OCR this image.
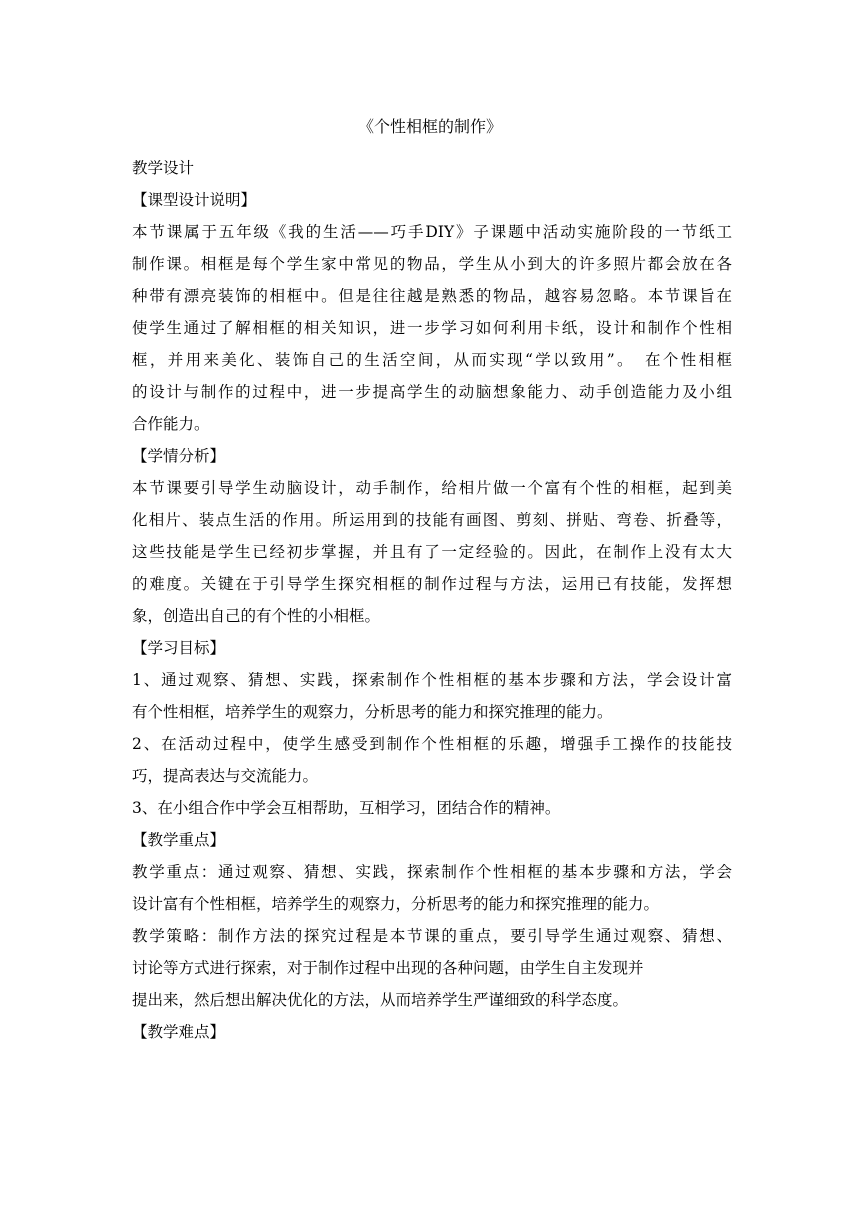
《个性相框的制作》
教学设计
【课型设计说明】
本节课属于五年级《我的生活——巧手DIY》子课题中活动实施阶段的一节纸工
制作课。相框是每个学生家中常见的物品，学生从小到大的许多照片都会放在各
种带有漂亮装饰的相框中。但是往往越是熟悉的物品，越容易忽略。本节课旨在
使学生通过了解相框的相关知识，进一步学习如何利用卡纸，设计和制作个性相
框，并用来美化、装饰自己的生活空间，从而实现“学以致用”。　在个性相框
的设计与制作的过程中，进一步提高学生的动脑想象能力、动手创造能力及小组
合作能力。
【学情分析】
本节课要引导学生动脑设计，动手制作，给相片做一个富有个性的相框，起到美
化相片、装点生活的作用。所运用到的技能有画图、剪刻、拼贴、弯卷、折叠等，
这些技能是学生已经初步掌握，并且有了一定经验的。因此，在制作上没有太大
的难度。关键在于引导学生探究相框的制作过程与方法，运用已有技能，发挥想
象，创造出自己的有个性的小相框。
【学习目标】
1、通过观察、猜想、实践，探索制作个性相框的基本步骤和方法，学会设计富
有个性相框，培养学生的观察力，分析思考的能力和探究推理的能力。
2、在活动过程中，使学生感受到制作个性相框的乐趣，增强手工操作的技能技
巧，提高表达与交流能力。
3、在小组合作中学会互相帮助，互相学习，团结合作的精神。
【教学重点】
教学重点：通过观察、猜想、实践，探索制作个性相框的基本步骤和方法，学会
设计富有个性相框，培养学生的观察力，分析思考的能力和探究推理的能力。
教学策略：制作方法的探究过程是本节课的重点，要引导学生通过观察、猜想、
讨论等方式进行探索，对于制作过程中出现的各种问题，由学生自主发现并
提出来，然后想出解决优化的方法，从而培养学生严谨细致的科学态度。
【教学难点】
